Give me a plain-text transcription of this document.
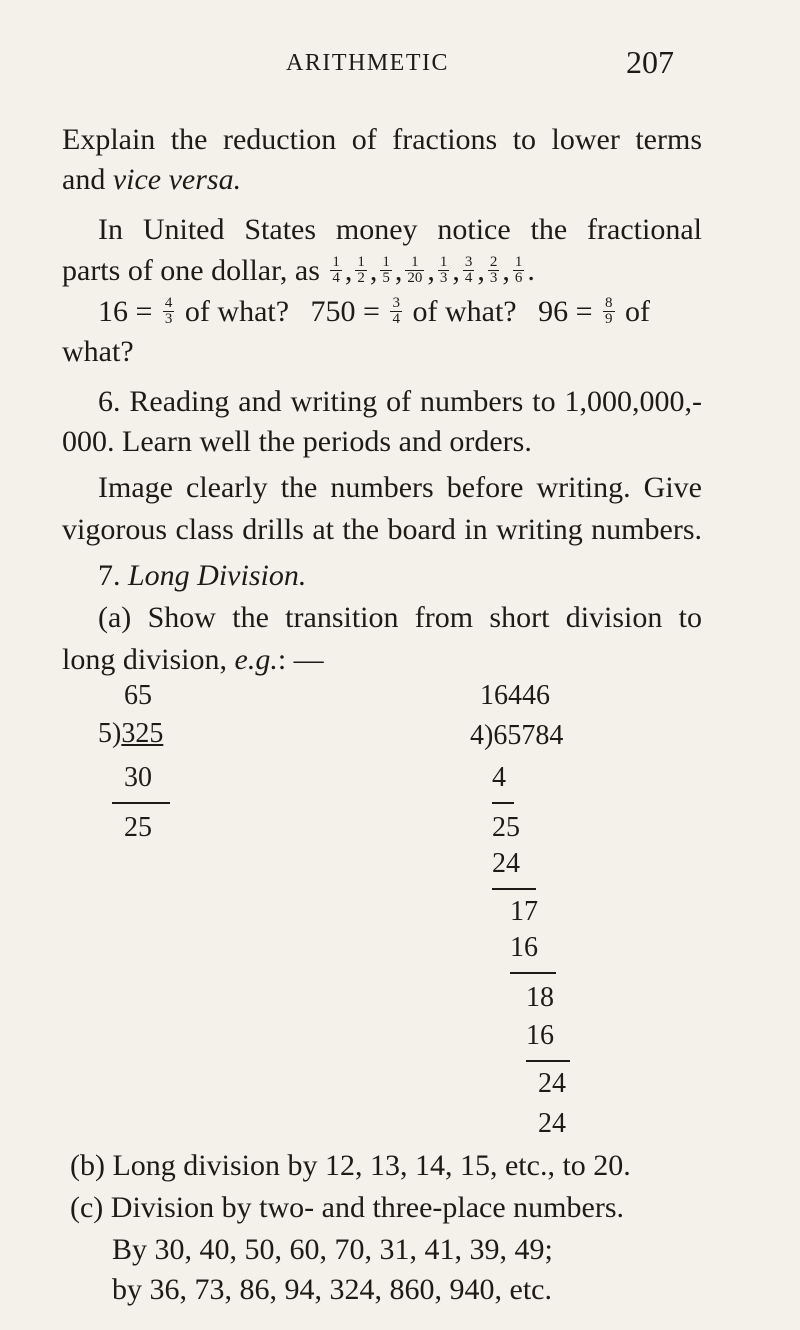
ARITHMETIC	207
Explain the reduction of fractions to lower terms
and vice versa.
In United States money notice the fractional
parts of one dollar, as $\frac{1}{4}$ , $\frac{1}{2}$ , $\frac{1}{5}$ , $\frac{1}{20}$ , $\frac{1}{3}$ , $\frac{3}{4}$ , $\frac{2}{3}$ , $\frac{1}{6}$ .
$16 = \frac{4}{3}$ of what? $750 = \frac{3}{4}$ of what? $96 = \frac{8}{9}$ of
what?
6. Reading and writing of numbers to 1,000,000,-
000. Learn well the periods and orders.
Image clearly the numbers before writing. Give
vigorous class drills at the board in writing numbers.
7. Long Division.
(a) Show the transition from short division to
long division, e.g.: —
65
5)325
30
25
16446
4)65784
4
25
24
17
16
18
16
24
24
(b) Long division by 12, 13, 14, 15, etc., to 20.
(c) Division by two- and three-place numbers.
By 30, 40, 50, 60, 70, 31, 41, 39, 49;
by 36, 73, 86, 94, 324, 860, 940, etc.
